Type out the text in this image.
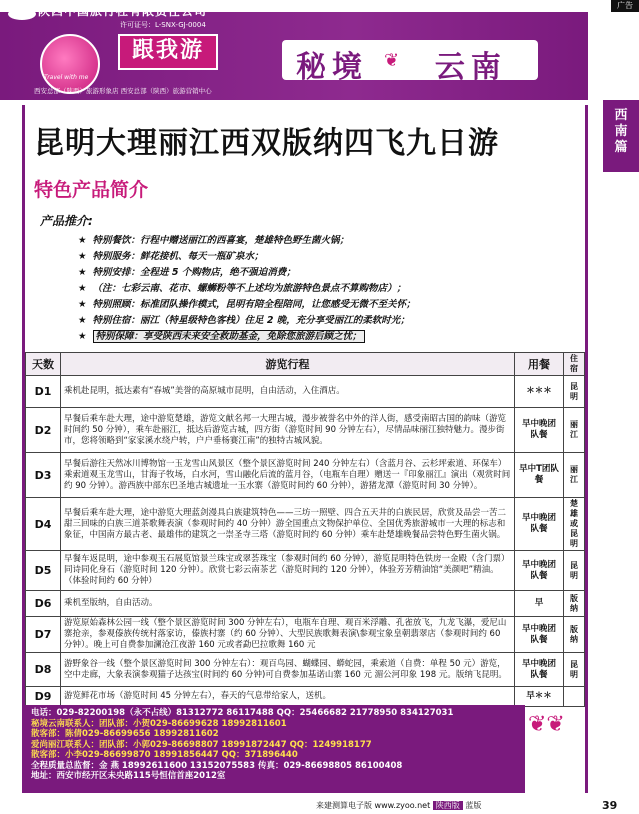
广告
陕西中国旅行社有限责任公司
许可证号：L-SNX-GJ-0004
Travel with me
跟我游
西安总部（陕西）旅游形象店 西安总部（陕西）旅游营销中心
秘境 云南
❦
西南篇
昆明大理丽江西双版纳四飞九日游
特色产品简介
产品推介:
★ 特别餐饮：行程中赠送丽江的西喜宴，楚雄特色野生菌火锅；
★ 特别服务：鲜花接机、每天一瓶矿泉水；
★ 特别安排：全程进 5 个购物店，绝不强迫消费；
★ （注：七彩云南、花市、螺蛳粉等不上述均为旅游特色景点不算购物店）；
★ 特别照顾：标准团队操作模式，昆明有陪全程陪同，让您感受无微不至关怀；
★ 特别住宿：丽江（特星级特色客栈）住足 2 晚，充分享受丽江的柔软时光；
★ 特别保障：享受陕西未来安全救助基金，免除您旅游后顾之忧；
天数	游览行程	用餐	住宿
D1	乘机赴昆明，抵达素有“春城”美誉的高原城市昆明，自由活动，入住酒店。	＊＊＊	昆明
D2	早餐后乘车赴大理，途中游览楚雄，游览文献名邦一大理古城，漫步被誉名中外的洋人街，感受南昭古国的韵味（游览时间约 50 分钟），乘车赴丽江，抵达后游览古城，四方街（游览时间 90 分钟左右），尽情品味丽江独特魅力。漫步街市，您将领略到“家家溪水绕户转，户户垂杨赛江南”的独特古城风貌。	早中晚团队餐	丽江
D3	早餐后游往天然冰川博物馆一玉龙雪山风景区（整个景区游览时间 240 分钟左右）（含蓝月谷、云杉坪索道、环保车）乘索道观玉龙雪山，甘海子牧场，白水河，雪山融化后流的蓝月谷，（电瓶车自理）赠送一『印象丽江』演出（观赏时间约 90 分钟）。游西族中部东巴圣地古城遗址一玉水寨（游览时间约 60 分钟），游猪龙潭（游览时间 30 分钟）。	早中T团队餐	丽江
D4	早餐后乘车赴大理，途中游览大理蓝剑漫具白族建筑特色——三坊一照壁、四合五天井的白族民居，欣赏及品尝一苦二甜三回味的白族三道茶歌舞表演（参观时间约 40 分钟）游全国重点文物保护单位、全国优秀旅游城市一大理的标志和象征，中国南方最古老、最雄伟的建筑之一崇圣寺三塔（游览时间约 60 分钟）乘车赴楚雄晚餐品尝特色野生菌火锅。	早中晚团队餐	楚雄或昆明
D5	早餐车返昆明，途中参观玉石展览馆景兰珠宝或翠荟珠宝（参观时间约 60 分钟），游览昆明特色铁房一金殿（含门票）同诗同化身石（游览时间 120 分钟）。欣赏七彩云南茶艺（游览时间约 120 分钟），体验芳芳精油馆“美颜吧”精油。（体验时间约 60 分钟）	早中晚团队餐	昆明
D6	乘机至版纳，自由活动。	早	版纳
D7	游览原始森林公园一线（整个景区游览时间 300 分钟左右），电瓶车自理、观百米浮雕、孔雀放飞，九龙飞瀑，爱尼山寨抢亲，参观傣族传统村落家访，傣族村寨（约 60 分钟）、大型民族歌舞表演\参观宝象皇朝翡翠店（参观时间约 60 分钟）。晚上可自费参加澜沧江夜游 160 元或者勐巴拉歌舞 160 元	早中晚团队餐	版纳
D8	游野象谷一线（整个景区游览时间 300 分钟左右）：观百鸟园、蝴蝶园、蟒蛇园，乘索道（自费：单程 50 元）游览，空中走廊，大象表演参观猫子达孩宝(时间约 60 分钟)可自费参加基诺山寨 160 元 湄公河印象 198 元。版纳飞昆明。	早中晚团队餐	昆明
D9	游览鲜花市场（游览时间 45 分钟左右），春天的气息带给家人，送机。	早＊＊	
电话：029-82200198（永不占线）81312772 86117488 QQ：25466682 21778950 834127031
秘境云南联系人：团队部：小贺029-86699628 18992811601
散客部：陈倩029-86699656 18992811602
爱尚丽江联系人：团队部：小郭029-86698807 18991872447 QQ：1249918177
散客部：小李029-86699870 18991856447 QQ：371896440
全程质量总监督：金 燕 18992611600 13152075583 传真：029-86698805 86100408
地址：西安市经开区未央路115号恒信首座2012室
❦❦
来建测算电子版 www.zyoo.net 陕西版 蓝版	39
